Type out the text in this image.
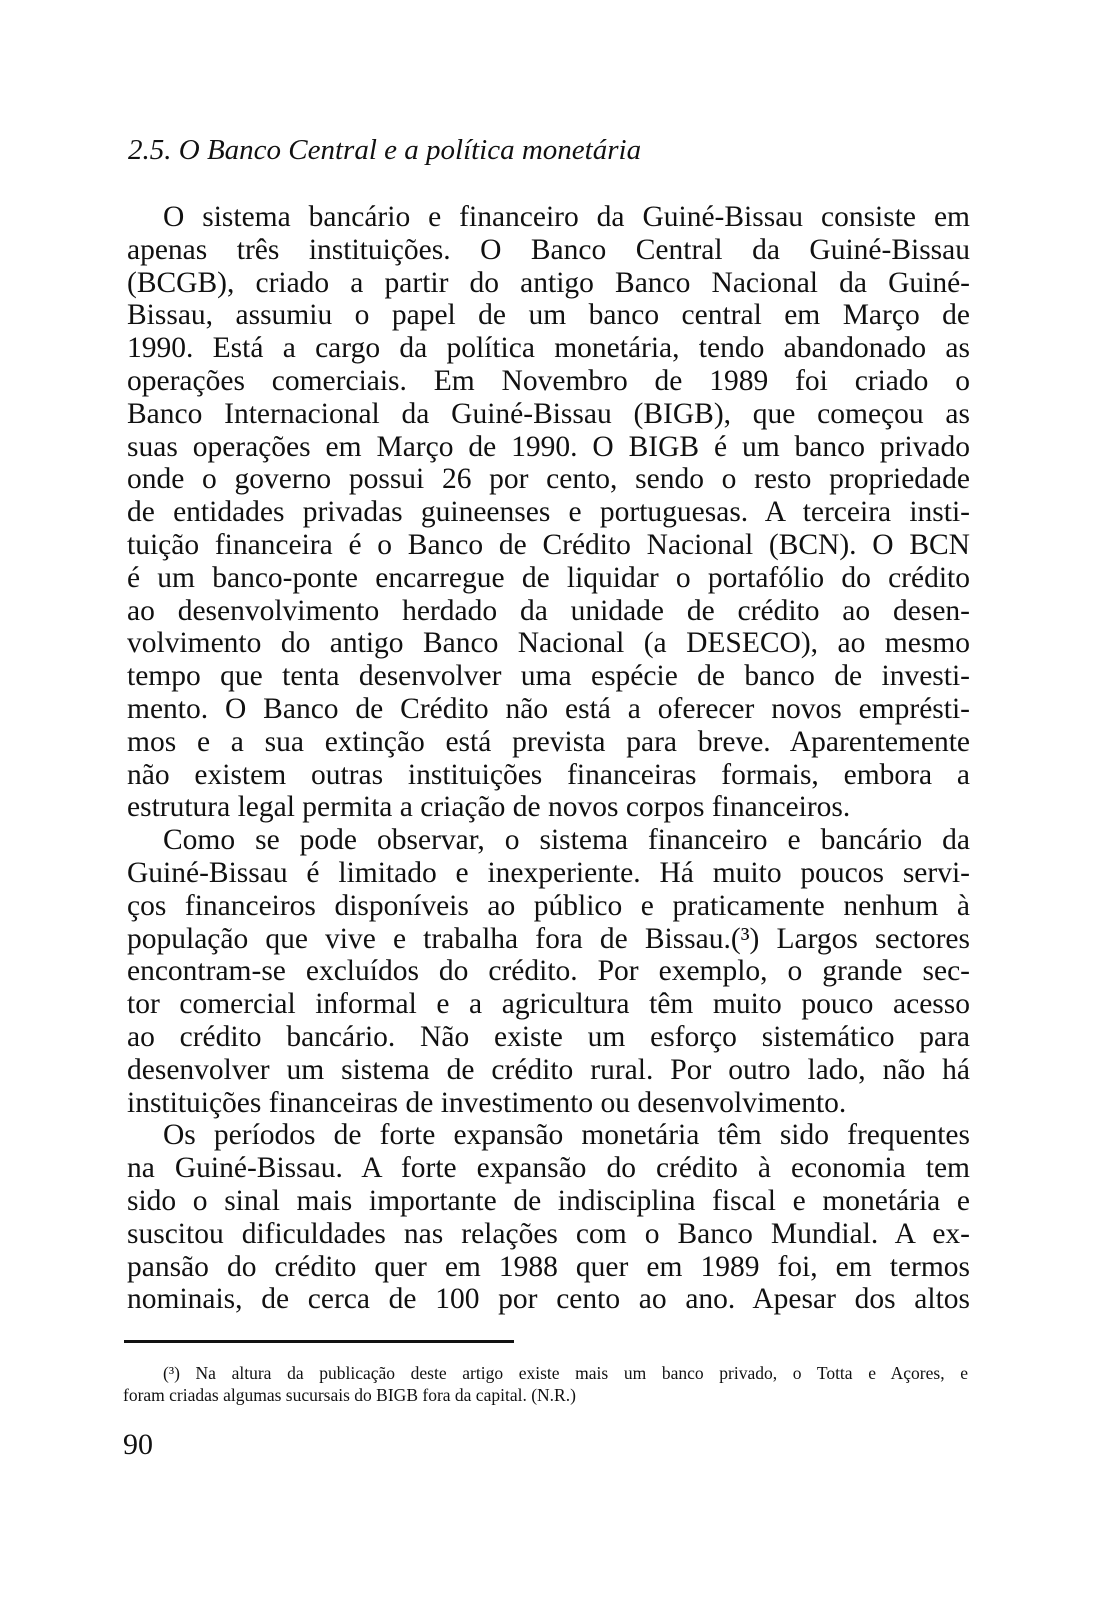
2.5. O Banco Central e a política monetária
O sistema bancário e financeiro da Guiné-Bissau consiste em
apenas três instituições. O Banco Central da Guiné-Bissau
(BCGB), criado a partir do antigo Banco Nacional da Guiné-
Bissau, assumiu o papel de um banco central em Março de
1990. Está a cargo da política monetária, tendo abandonado as
operações comerciais. Em Novembro de 1989 foi criado o
Banco Internacional da Guiné-Bissau (BIGB), que começou as
suas operações em Março de 1990. O BIGB é um banco privado
onde o governo possui 26 por cento, sendo o resto propriedade
de entidades privadas guineenses e portuguesas. A terceira insti-
tuição financeira é o Banco de Crédito Nacional (BCN). O BCN
é um banco-ponte encarregue de liquidar o portafólio do crédito
ao desenvolvimento herdado da unidade de crédito ao desen-
volvimento do antigo Banco Nacional (a DESECO), ao mesmo
tempo que tenta desenvolver uma espécie de banco de investi-
mento. O Banco de Crédito não está a oferecer novos emprésti-
mos e a sua extinção está prevista para breve. Aparentemente
não existem outras instituições financeiras formais, embora a
estrutura legal permita a criação de novos corpos financeiros.
Como se pode observar, o sistema financeiro e bancário da
Guiné-Bissau é limitado e inexperiente. Há muito poucos servi-
ços financeiros disponíveis ao público e praticamente nenhum à
população que vive e trabalha fora de Bissau.(³) Largos sectores
encontram-se excluídos do crédito. Por exemplo, o grande sec-
tor comercial informal e a agricultura têm muito pouco acesso
ao crédito bancário. Não existe um esforço sistemático para
desenvolver um sistema de crédito rural. Por outro lado, não há
instituições financeiras de investimento ou desenvolvimento.
Os períodos de forte expansão monetária têm sido frequentes
na Guiné-Bissau. A forte expansão do crédito à economia tem
sido o sinal mais importante de indisciplina fiscal e monetária e
suscitou dificuldades nas relações com o Banco Mundial. A ex-
pansão do crédito quer em 1988 quer em 1989 foi, em termos
nominais, de cerca de 100 por cento ao ano. Apesar dos altos
(³) Na altura da publicação deste artigo existe mais um banco privado, o Totta e Açores, e
foram criadas algumas sucursais do BIGB fora da capital. (N.R.)
90
